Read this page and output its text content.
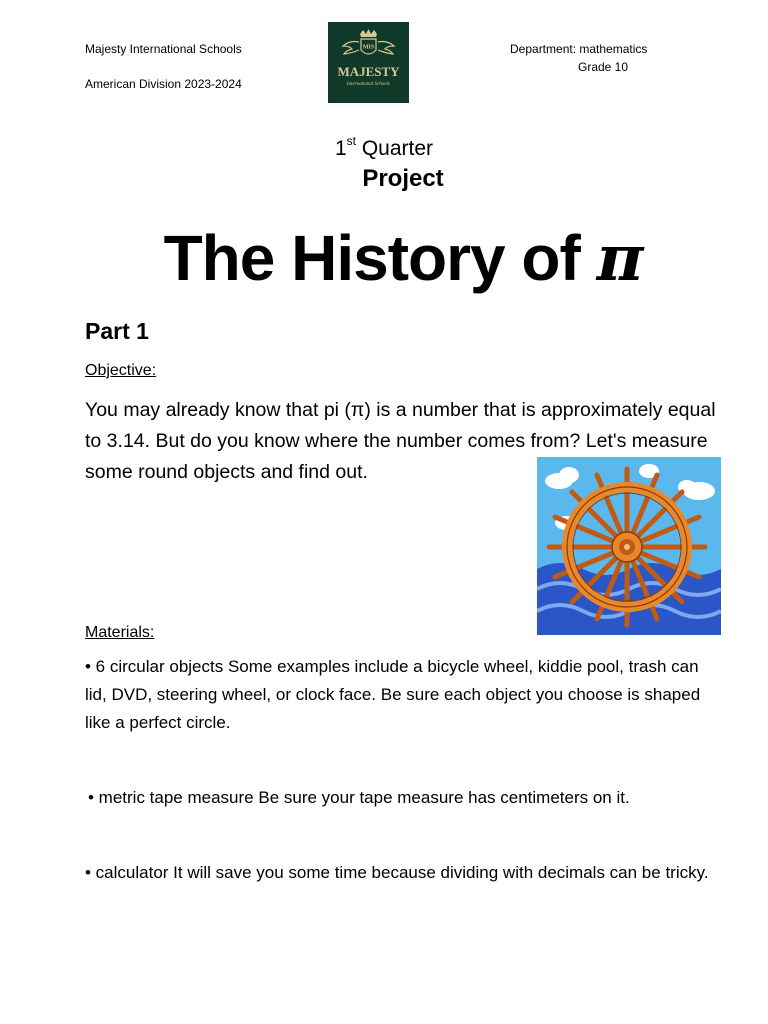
Majesty International Schools
American Division 2023-2024
Department: mathematics
Grade 10
MIS
MAJESTY
International Schools
1st Quarter
Project
The History of π
Part 1
Objective:
You may already know that pi (π) is a number that is approximately equal to 3.14. But do you know where the number comes from? Let's measure some round objects and find out.
Materials:
• 6 circular objects Some examples include a bicycle wheel, kiddie pool, trash can lid, DVD, steering wheel, or clock face. Be sure each object you choose is shaped like a perfect circle.
• metric tape measure Be sure your tape measure has centimeters on it.
• calculator It will save you some time because dividing with decimals can be tricky.
